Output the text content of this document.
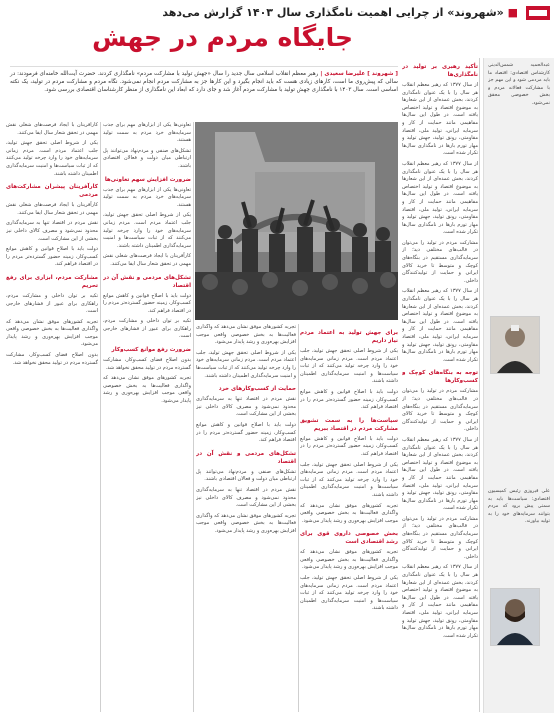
■ «شهروند» از چرایی اهمیت نامگذاری سال ۱۴۰۳ گزارش می‌دهد
جایگاه مردم در جهش
[ شهروند ] علیرضا سعیدی | رهبر معظم انقلاب اسلامی سال جدید را سال «جهش تولید با مشارکت مردم» نامگذاری کردند. حضرت آیت‌الله خامنه‌ای فرمودند: در سالی که پیش‌روی ما است، کارهای زیادی هست که باید انجام بگیرد و این کارها جز به مشارکت مردم انجام نمی‌شود. نگاه مردم و مشارکت مردم در تولید، یک نکته اساسی است. سال ۱۴۰۳ با نامگذاری جهش تولید با مشارکت مردم آغاز شد و جای دارد که ابعاد این نامگذاری از منظر کارشناسان اقتصادی بررسی شود.
عبدالحمید شمس‌الدینی کارشناس اقتصادی: اقتصاد ما باید مردمی شود و این مهم جز با مشارکت فعالانه مردم و بخش خصوصی محقق نمی‌شود.
علی فیروزی رئیس کمیسیون اقتصادی: سیاست‌ها باید به سمتی پیش برود که مردم بتوانند سرمایه‌های خود را به تولید بیاورند.
تأکید رهبری بر تولید در نامگذاری‌ها

از سال ۱۳۷۷ که رهبر معظم انقلاب هر سال را با یک عنوان نامگذاری کردند، بخش عمده‌ای از این شعارها به موضوع اقتصاد و تولید اختصاص یافته است. در طول این سال‌ها مفاهیمی مانند حمایت از کار و سرمایه ایرانی، تولید ملی، اقتصاد مقاومتی، رونق تولید، جهش تولید و مهار تورم بارها در نامگذاری سال‌ها تکرار شده است.

از سال ۱۳۷۷ که رهبر معظم انقلاب هر سال را با یک عنوان نامگذاری کردند، بخش عمده‌ای از این شعارها به موضوع اقتصاد و تولید اختصاص یافته است. در طول این سال‌ها مفاهیمی مانند حمایت از کار و سرمایه ایرانی، تولید ملی، اقتصاد مقاومتی، رونق تولید، جهش تولید و مهار تورم بارها در نامگذاری سال‌ها تکرار شده است.

مشارکت مردم در تولید را می‌توان در قالب‌های مختلفی دید؛ از سرمایه‌گذاری مستقیم در بنگاه‌های کوچک و متوسط تا خرید کالای ایرانی و حمایت از تولیدکنندگان داخلی.

از سال ۱۳۷۷ که رهبر معظم انقلاب هر سال را با یک عنوان نامگذاری کردند، بخش عمده‌ای از این شعارها به موضوع اقتصاد و تولید اختصاص یافته است. در طول این سال‌ها مفاهیمی مانند حمایت از کار و سرمایه ایرانی، تولید ملی، اقتصاد مقاومتی، رونق تولید، جهش تولید و مهار تورم بارها در نامگذاری سال‌ها تکرار شده است.

توجه به بنگاه‌های کوچک و کسب‌وکارها

مشارکت مردم در تولید را می‌توان در قالب‌های مختلفی دید؛ از سرمایه‌گذاری مستقیم در بنگاه‌های کوچک و متوسط تا خرید کالای ایرانی و حمایت از تولیدکنندگان داخلی.

از سال ۱۳۷۷ که رهبر معظم انقلاب هر سال را با یک عنوان نامگذاری کردند، بخش عمده‌ای از این شعارها به موضوع اقتصاد و تولید اختصاص یافته است. در طول این سال‌ها مفاهیمی مانند حمایت از کار و سرمایه ایرانی، تولید ملی، اقتصاد مقاومتی، رونق تولید، جهش تولید و مهار تورم بارها در نامگذاری سال‌ها تکرار شده است.

مشارکت مردم در تولید را می‌توان در قالب‌های مختلفی دید؛ از سرمایه‌گذاری مستقیم در بنگاه‌های کوچک و متوسط تا خرید کالای ایرانی و حمایت از تولیدکنندگان داخلی.

از سال ۱۳۷۷ که رهبر معظم انقلاب هر سال را با یک عنوان نامگذاری کردند، بخش عمده‌ای از این شعارها به موضوع اقتصاد و تولید اختصاص یافته است. در طول این سال‌ها مفاهیمی مانند حمایت از کار و سرمایه ایرانی، تولید ملی، اقتصاد مقاومتی، رونق تولید، جهش تولید و مهار تورم بارها در نامگذاری سال‌ها تکرار شده است.

برای جهش تولید به اعتماد مردم نیاز داریم

یکی از شروط اصلی تحقق جهش تولید، جلب اعتماد مردم است. مردم زمانی سرمایه‌های خود را وارد چرخه تولید می‌کنند که از ثبات سیاست‌ها و امنیت سرمایه‌گذاری اطمینان داشته باشند.

دولت باید با اصلاح قوانین و کاهش موانع کسب‌وکار، زمینه حضور گسترده‌تر مردم را در اقتصاد فراهم کند.

سیاست‌ها را به سمت تشویق مشارکت مردم در اقتصاد ببریم

دولت باید با اصلاح قوانین و کاهش موانع کسب‌وکار، زمینه حضور گسترده‌تر مردم را در اقتصاد فراهم کند.

یکی از شروط اصلی تحقق جهش تولید، جلب اعتماد مردم است. مردم زمانی سرمایه‌های خود را وارد چرخه تولید می‌کنند که از ثبات سیاست‌ها و امنیت سرمایه‌گذاری اطمینان داشته باشند.

تجربه کشورهای موفق نشان می‌دهد که واگذاری فعالیت‌ها به بخش خصوصی واقعی موجب افزایش بهره‌وری و رشد پایدار می‌شود.

بخش خصوصی داروی قوی برای رشد اقتصادی است

تجربه کشورهای موفق نشان می‌دهد که واگذاری فعالیت‌ها به بخش خصوصی واقعی موجب افزایش بهره‌وری و رشد پایدار می‌شود.

یکی از شروط اصلی تحقق جهش تولید، جلب اعتماد مردم است. مردم زمانی سرمایه‌های خود را وارد چرخه تولید می‌کنند که از ثبات سیاست‌ها و امنیت سرمایه‌گذاری اطمینان داشته باشند.

تجربه کشورهای موفق نشان می‌دهد که واگذاری فعالیت‌ها به بخش خصوصی واقعی موجب افزایش بهره‌وری و رشد پایدار می‌شود.

یکی از شروط اصلی تحقق جهش تولید، جلب اعتماد مردم است. مردم زمانی سرمایه‌های خود را وارد چرخه تولید می‌کنند که از ثبات سیاست‌ها و امنیت سرمایه‌گذاری اطمینان داشته باشند.

حمایت از کسب‌وکارهای خرد

نقش مردم در اقتصاد تنها به سرمایه‌گذاری محدود نمی‌شود و مصرف کالای داخلی نیز بخشی از این مشارکت است.

دولت باید با اصلاح قوانین و کاهش موانع کسب‌وکار، زمینه حضور گسترده‌تر مردم را در اقتصاد فراهم کند.

تشکل‌های مردمی و نقش آن در اقتصاد

تشکل‌های صنفی و مردم‌نهاد می‌توانند پل ارتباطی میان دولت و فعالان اقتصادی باشند.

نقش مردم در اقتصاد تنها به سرمایه‌گذاری محدود نمی‌شود و مصرف کالای داخلی نیز بخشی از این مشارکت است.

تجربه کشورهای موفق نشان می‌دهد که واگذاری فعالیت‌ها به بخش خصوصی واقعی موجب افزایش بهره‌وری و رشد پایدار می‌شود.

تعاونی‌ها یکی از ابزارهای مهم برای جذب سرمایه‌های خرد مردم به سمت تولید هستند.

تشکل‌های صنفی و مردم‌نهاد می‌توانند پل ارتباطی میان دولت و فعالان اقتصادی باشند.

ضرورت افزایش سهم تعاونی‌ها

تعاونی‌ها یکی از ابزارهای مهم برای جذب سرمایه‌های خرد مردم به سمت تولید هستند.

یکی از شروط اصلی تحقق جهش تولید، جلب اعتماد مردم است. مردم زمانی سرمایه‌های خود را وارد چرخه تولید می‌کنند که از ثبات سیاست‌ها و امنیت سرمایه‌گذاری اطمینان داشته باشند.

کارآفرینان با ایجاد فرصت‌های شغلی نقش مهمی در تحقق شعار سال ایفا می‌کنند.

تشکل‌های مردمی و نقش آن در اقتصاد

دولت باید با اصلاح قوانین و کاهش موانع کسب‌وکار، زمینه حضور گسترده‌تر مردم را در اقتصاد فراهم کند.

تکیه بر توان داخلی و مشارکت مردم، راهکاری برای عبور از فشارهای خارجی است.

ضرورت رفع موانع کسب‌وکار

بدون اصلاح فضای کسب‌وکار، مشارکت گسترده مردم در تولید محقق نخواهد شد.

تجربه کشورهای موفق نشان می‌دهد که واگذاری فعالیت‌ها به بخش خصوصی واقعی موجب افزایش بهره‌وری و رشد پایدار می‌شود.

کارآفرینان با ایجاد فرصت‌های شغلی نقش مهمی در تحقق شعار سال ایفا می‌کنند.

یکی از شروط اصلی تحقق جهش تولید، جلب اعتماد مردم است. مردم زمانی سرمایه‌های خود را وارد چرخه تولید می‌کنند که از ثبات سیاست‌ها و امنیت سرمایه‌گذاری اطمینان داشته باشند.

کارآفرینان پیشران مشارکت‌های مردمی

کارآفرینان با ایجاد فرصت‌های شغلی نقش مهمی در تحقق شعار سال ایفا می‌کنند.

نقش مردم در اقتصاد تنها به سرمایه‌گذاری محدود نمی‌شود و مصرف کالای داخلی نیز بخشی از این مشارکت است.

دولت باید با اصلاح قوانین و کاهش موانع کسب‌وکار، زمینه حضور گسترده‌تر مردم را در اقتصاد فراهم کند.

مشارکت مردم، ابزاری برای رفع تحریم

تکیه بر توان داخلی و مشارکت مردم، راهکاری برای عبور از فشارهای خارجی است.

تجربه کشورهای موفق نشان می‌دهد که واگذاری فعالیت‌ها به بخش خصوصی واقعی موجب افزایش بهره‌وری و رشد پایدار می‌شود.

بدون اصلاح فضای کسب‌وکار، مشارکت گسترده مردم در تولید محقق نخواهد شد.
